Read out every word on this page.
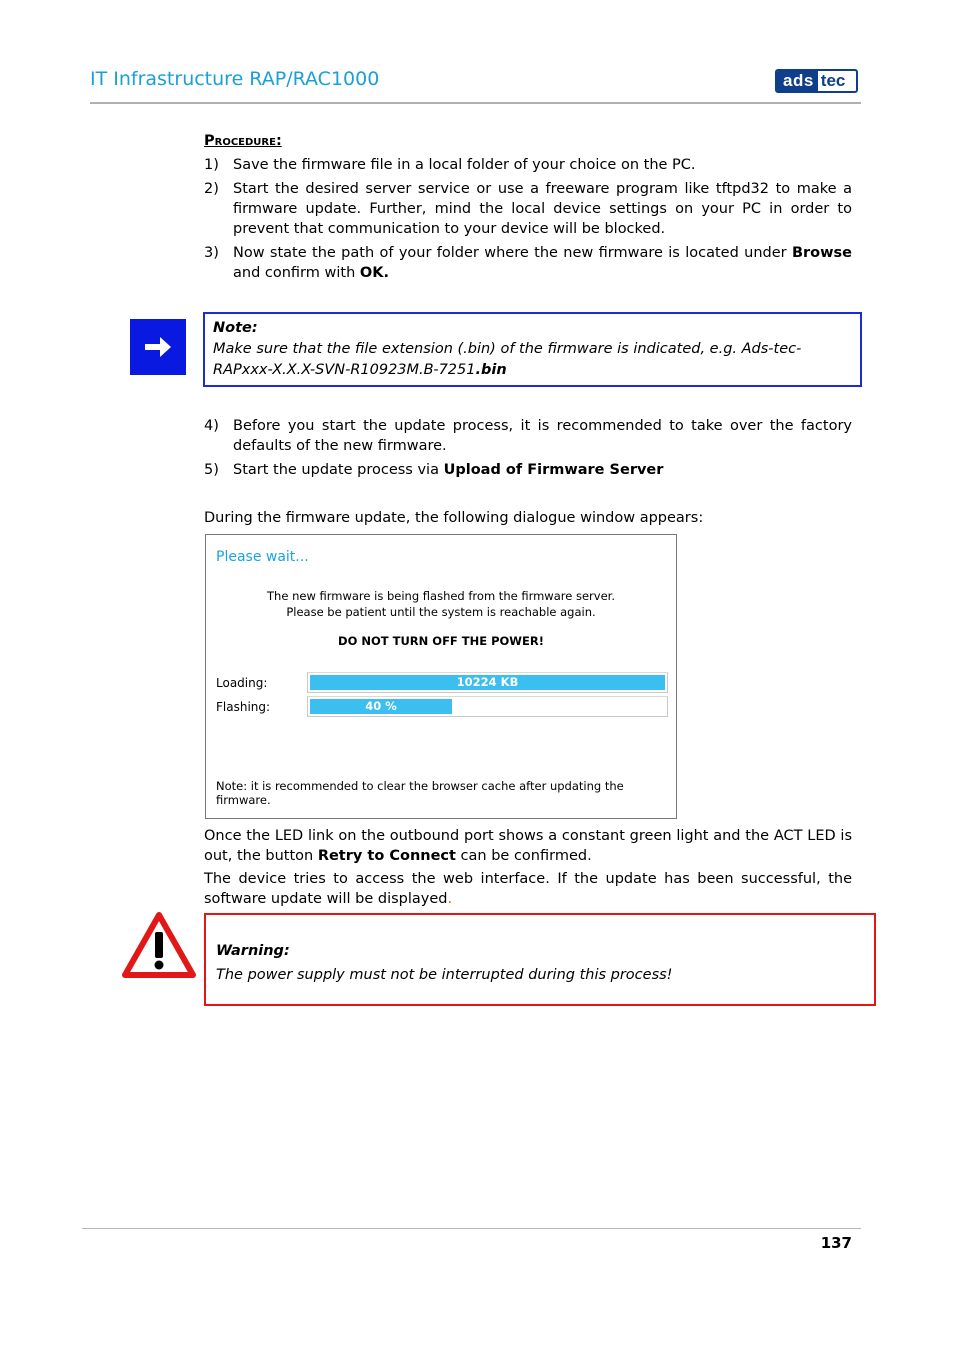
IT Infrastructure RAP/RAC1000	ads tec
Procedure:
1) Save the firmware file in a local folder of your choice on the PC.
2) Start the desired server service or use a freeware program like tftpd32 to make a firmware update. Further, mind the local device settings on your PC in order to prevent that communication to your device will be blocked.
3) Now state the path of your folder where the new firmware is located under Browse and confirm with OK.
Note:
Make sure that the file extension (.bin) of the firmware is indicated, e.g. Ads-tec-RAPxxx-X.X.X-SVN-R10923M.B-7251.bin
4) Before you start the update process, it is recommended to take over the factory defaults of the new firmware.
5) Start the update process via Upload of Firmware Server
During the firmware update, the following dialogue window appears:
Please wait...
The new firmware is being flashed from the firmware server.
Please be patient until the system is reachable again.
DO NOT TURN OFF THE POWER!
Loading:	10224 KB
Flashing:	40 %
Note: it is recommended to clear the browser cache after updating the firmware.
Once the LED link on the outbound port shows a constant green light and the ACT LED is out, the button Retry to Connect can be confirmed.
The device tries to access the web interface. If the update has been successful, the software update will be displayed.
Warning:
The power supply must not be interrupted during this process!
137
